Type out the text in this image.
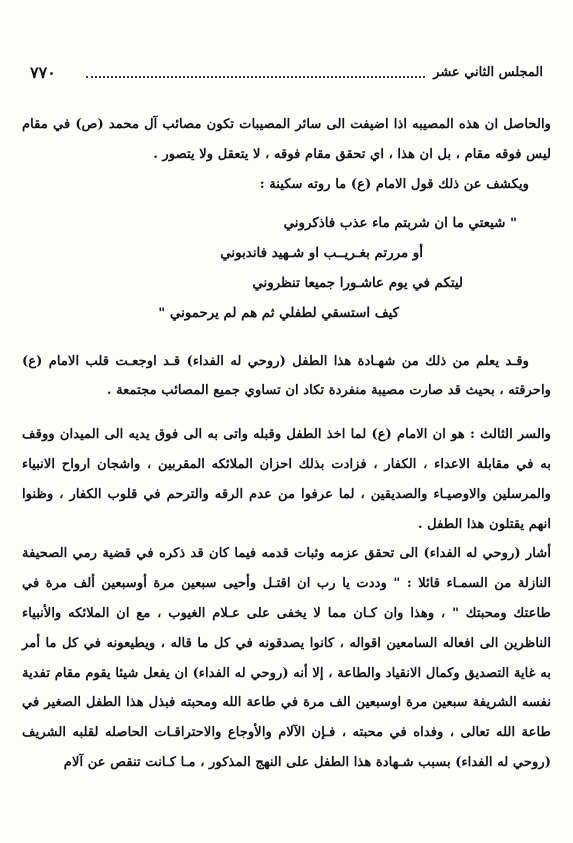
٧٧٠	المجلس الثاني عشر

والحاصل ان هذه المصيبه اذا اضيفت الى سائر المصيبات تكون مصائب آل محمد (ص) في مقام ليس فوقه مقام ، بل ان هذا ، اي تحقق مقام فوقه ، لا يتعقل ولا يتصور .

ويكشف عن ذلك قول الامام (ع) ما روته سكينة :

" شيعتي ما ان شربتم ماء عذب فاذكروني

أو مررتم بغـريــب او شـهيد فاندبوني

ليتكم في يوم عاشـورا جميعا تنظروني

كيف استسقي لطفلي ثم هم لم يرحموني "

وقـد يعلم من ذلك من شهـادة هذا الطفل (روحي له الفداء) قـد اوجعـت قلب الامام (ع) واحرقته ، بحيث قد صارت مصيبة منفردة تكاد ان تساوي جميع المصائب مجتمعة .

والسر الثالث : هو ان الامام (ع) لما اخذ الطفل وقبله واتى به الى فوق يديه الى الميدان ووقف به في مقابلة الاعداء ، الكفار ، فزادت بذلك احزان الملائكه المقربين ، واشجان ارواح الانبياء والمرسلين والاوصيـاء والصديقين ، لما عرفوا من عدم الرقه والترحم في قلوب الكفار ، وظنوا انهم يقتلون هذا الطفل .

أشار (روحي له الفداء) الى تحقق عزمه وثبات قدمه فيما كان قد ذكره في قضية رمي الصحيفة النازلة من السمـاء قائلا : " وددت يا رب ان اقتـل وأحيى سبعين مرة أوسبعين ألف مرة في طاعتك ومحبتك " ، وهذا وان كـان مما لا يخفى على عـلام الغيوب ، مع ان الملائكه والأنبياء الناظرين الى افعاله السامعين اقواله ، كانوا يصدقونه في كل ما قاله ، ويطيعونه في كل ما أمر به غاية التصديق وكمال الانقياد والطاعة ، إلا أنه (روحي له الفداء) ان يفعل شيئا يقوم مقام تفدية نفسه الشريفة سبعين مرة اوسبعين الف مرة في طاعة الله ومحبته فبذل هذا الطفل الصغير في طاعة الله تعالى ، وفداه في محبته ، فـإن الآلام والأوجاع والاحتراقـات الحاصله لقلبه الشريف (روحي له الفداء) بسبب شـهادة هذا الطفل على النهج المذكور ، مـا كـانت تنقص عن آلام
